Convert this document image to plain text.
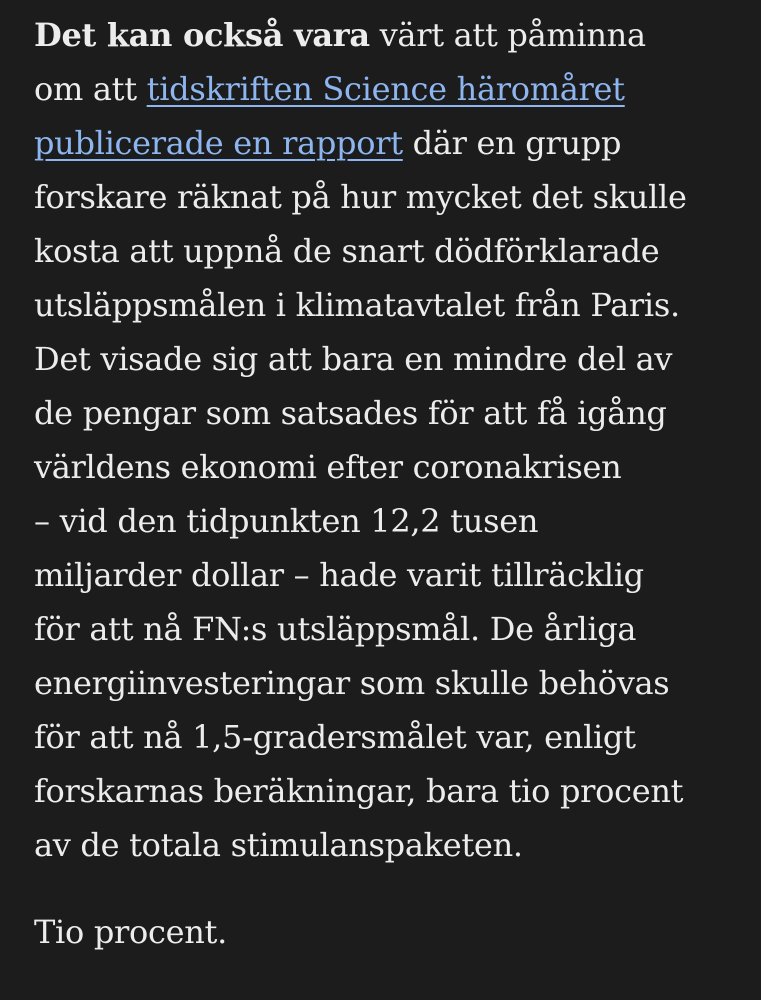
Det kan också vara värt att påminna
om att tidskriften Science häromåret
publicerade en rapport där en grupp
forskare räknat på hur mycket det skulle
kosta att uppnå de snart dödförklarade
utsläppsmålen i klimatavtalet från Paris.
Det visade sig att bara en mindre del av
de pengar som satsades för att få igång
världens ekonomi efter coronakrisen
– vid den tidpunkten 12,2 tusen
miljarder dollar – hade varit tillräcklig
för att nå FN:s utsläppsmål. De årliga
energiinvesteringar som skulle behövas
för att nå 1,5-gradersmålet var, enligt
forskarnas beräkningar, bara tio procent
av de totala stimulanspaketen.

Tio procent.
